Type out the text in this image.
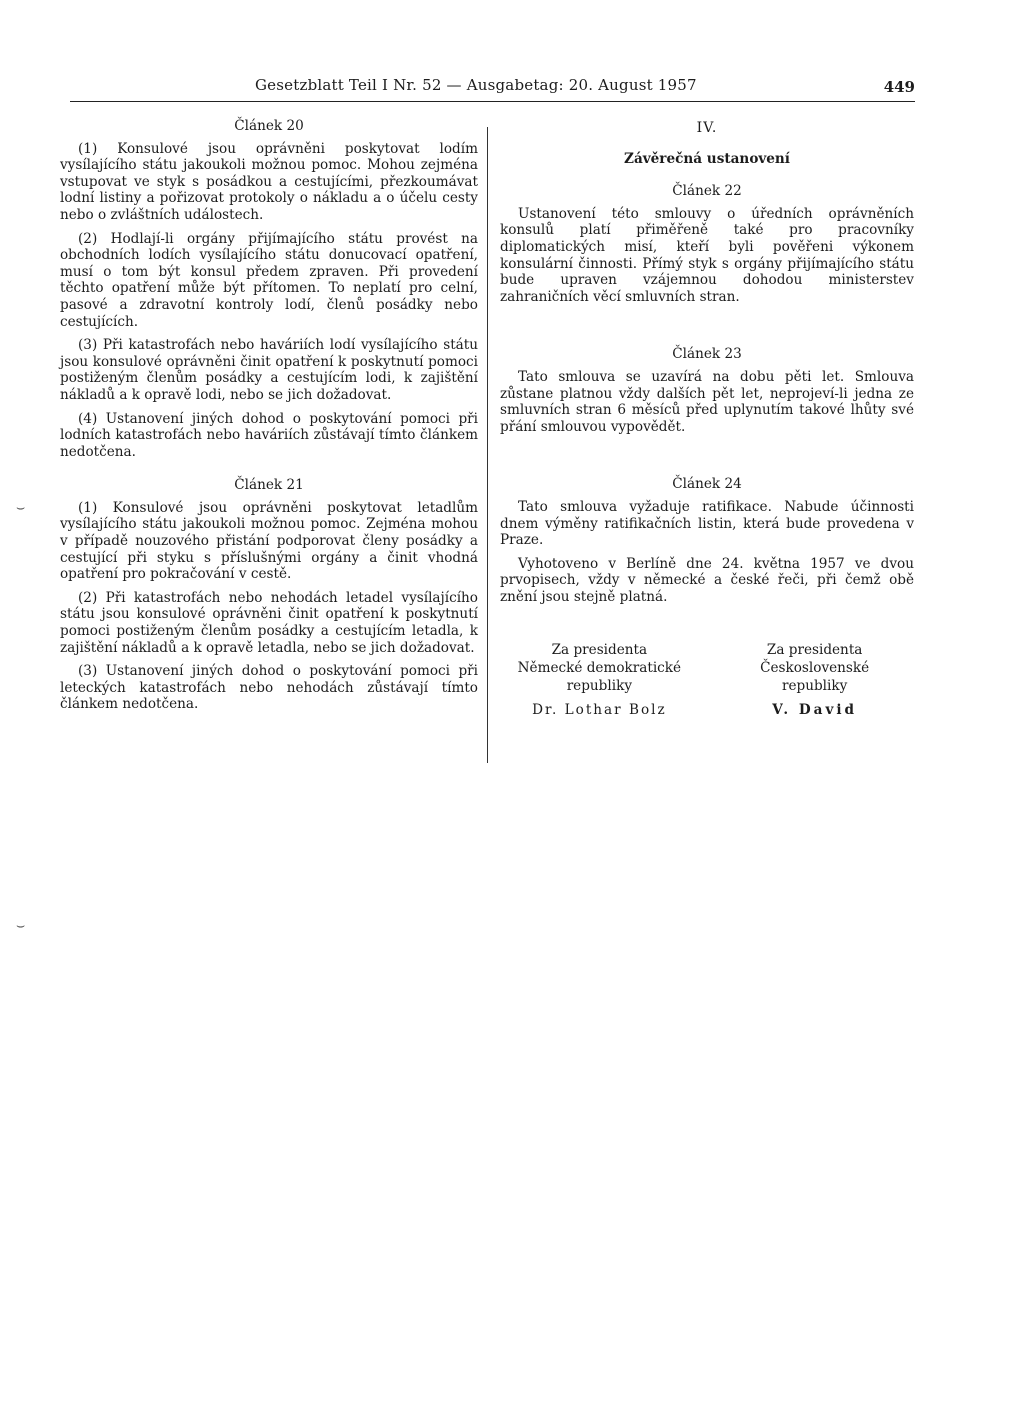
Gesetzblatt Teil I Nr. 52 — Ausgabetag: 20. August 1957	449
⌣
⌣
Článek 20

(1) Konsulové jsou oprávněni poskytovat lodím vysílajícího státu jakoukoli možnou pomoc. Mohou zejména vstupovat ve styk s posádkou a cestujícími, přezkoumávat lodní listiny a pořizovat protokoly o nákladu a o účelu cesty nebo o zvláštních událostech.

(2) Hodlají-li orgány přijímajícího státu provést na obchodních lodích vysílajícího státu donucovací opatření, musí o tom být konsul předem zpraven. Při provedení těchto opatření může být přítomen. To neplatí pro celní, pasové a zdravotní kontroly lodí, členů posádky nebo cestujících.

(3) Při katastrofách nebo haváriích lodí vysílajícího státu jsou konsulové oprávněni činit opatření k poskytnutí pomoci postiženým členům posádky a cestujícím lodi, k zajištění nákladů a k opravě lodi, nebo se jich dožadovat.

(4) Ustanovení jiných dohod o poskytování pomoci při lodních katastrofách nebo haváriích zůstávají tímto článkem nedotčena.

Článek 21

(1) Konsulové jsou oprávněni poskytovat letadlům vysílajícího státu jakoukoli možnou pomoc. Zejména mohou v případě nouzového přistání podporovat členy posádky a cestující při styku s příslušnými orgány a činit vhodná opatření pro pokračování v cestě.

(2) Při katastrofách nebo nehodách letadel vysílajícího státu jsou konsulové oprávněni činit opatření k poskytnutí pomoci postiženým členům posádky a cestujícím letadla, k zajištění nákladů a k opravě letadla, nebo se jich dožadovat.

(3) Ustanovení jiných dohod o poskytování pomoci při leteckých katastrofách nebo nehodách zůstávají tímto článkem nedotčena.

IV.
Závěrečná ustanovení
Článek 22

Ustanovení této smlouvy o úředních oprávněních konsulů platí přiměřeně také pro pracovníky diplomatických misí, kteří byli pověřeni výkonem konsulární činnosti. Přímý styk s orgány přijímajícího státu bude upraven vzájemnou dohodou ministerstev zahraničních věcí smluvních stran.

Článek 23

Tato smlouva se uzavírá na dobu pěti let. Smlouva zůstane platnou vždy dalších pět let, neprojeví-li jedna ze smluvních stran 6 měsíců před uplynutím takové lhůty své přání smlouvou vypovědět.

Článek 24

Tato smlouva vyžaduje ratifikace. Nabude účinnosti dnem výměny ratifikačních listin, která bude provedena v Praze.

Vyhotoveno v Berlíně dne 24. května 1957 ve dvou prvopisech, vždy v německé a české řeči, při čemž obě znění jsou stejně platná.

Za presidenta
Německé demokratické
republiky
Dr. Lothar Bolz
Za presidenta
Československé
republiky
V. David
